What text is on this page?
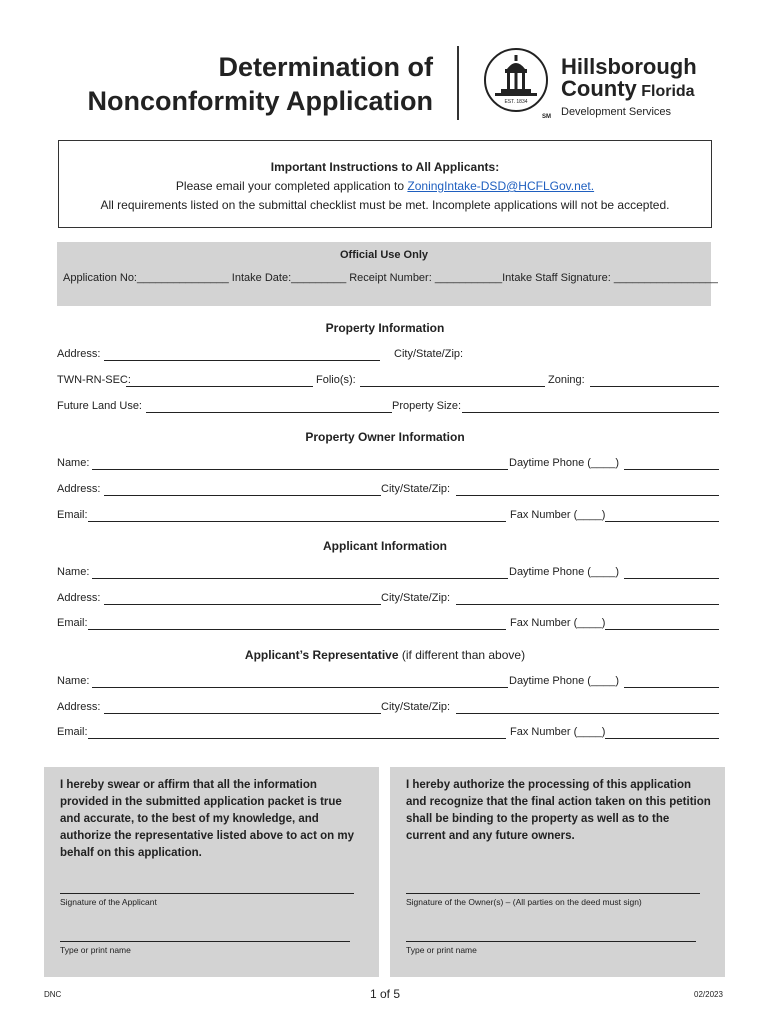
Determination of
Nonconformity Application	EST. 1834
SM
Hillsborough
County Florida
Development Services
Important Instructions to All Applicants:
Please email your completed application to ZoningIntake-DSD@HCFLGov.net.
All requirements listed on the submittal checklist must be met. Incomplete applications will not be accepted.
Official Use Only
Application No:_______________ Intake Date:_________ Receipt Number: ___________Intake Staff Signature: _________________
Property Information
Address:	City/State/Zip:
TWN-RN-SEC:	Folio(s):	Zoning:
Future Land Use:	Property Size:
Property Owner Information
Name:	Daytime Phone (____)
Address:	City/State/Zip:
Email:	Fax Number (____)
Applicant Information
Name:	Daytime Phone (____)
Address:	City/State/Zip:
Email:	Fax Number (____)
Applicant’s Representative (if different than above)
Name:	Daytime Phone (____)
Address:	City/State/Zip:
Email:	Fax Number (____)
I hereby swear or affirm that all the information provided in the submitted application packet is true and accurate, to the best of my knowledge, and authorize the representative listed above to act on my behalf on this application.
Signature of the Applicant
Type or print name
I hereby authorize the processing of this application and recognize that the final action taken on this petition shall be binding to the property as well as to the current and any future owners.
Signature of the Owner(s) – (All parties on the deed must sign)
Type or print name
DNC	1 of 5	02/2023
